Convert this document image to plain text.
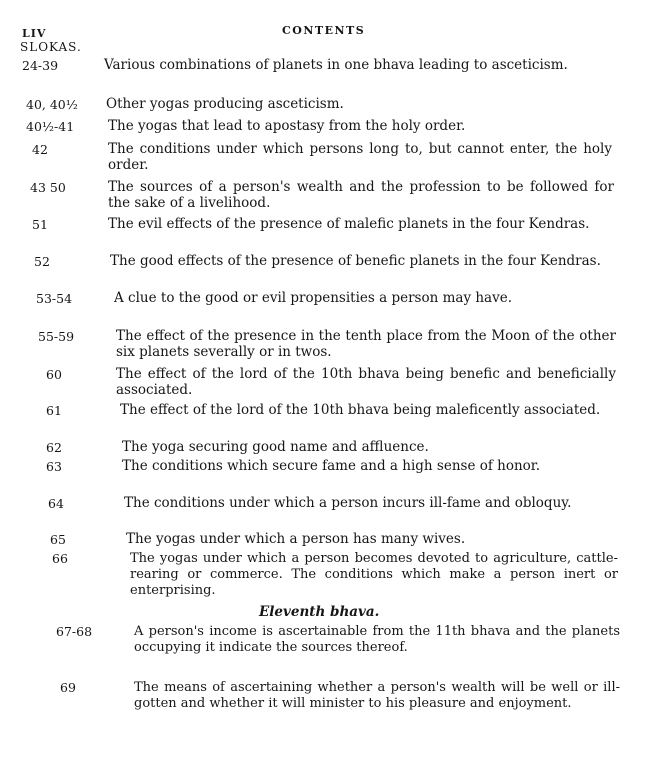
LIV	CONTENTS
SLOKAS.
24-39	Various combinations of planets in one bhava leading to asceticism.
40, 40½ Other yogas producing asceticism.
40½-41	The yogas that lead to apostasy from the holy order.
42	The conditions under which persons long to, but cannot enter, the holy order.
43 50	The sources of a person's wealth and the profession to be followed for the sake of a livelihood.
51	The evil effects of the presence of malefic planets in the four Kendras.
52	The good effects of the presence of benefic planets in the four Kendras.
53-54	A clue to the good or evil propensities a person may have.
55-59	The effect of the presence in the tenth place from the Moon of the other six planets severally or in twos.
60	The effect of the lord of the 10th bhava being benefic and beneficially associated.
61	The effect of the lord of the 10th bhava being maleficently associated.
62	The yoga securing good name and affluence.
63	The conditions which secure fame and a high sense of honor.
64	The conditions under which a person incurs ill-fame and obloquy.
65	The yogas under which a person has many wives.
66	The yogas under which a person becomes devoted to agriculture, cattle-rearing or commerce. The conditions which make a person inert or enterprising.
Eleventh bhava.
67-68	A person's income is ascertainable from the 11th bhava and the planets occupying it indicate the sources thereof.
69	The means of ascertaining whether a person's wealth will be well or ill-gotten and whether it will minister to his pleasure and enjoyment.
